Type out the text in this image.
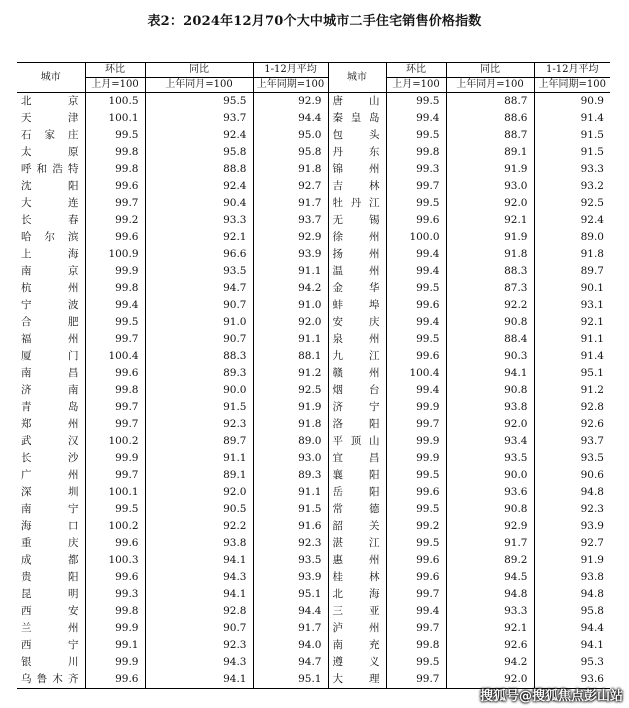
表2：2024年12月70个大中城市二手住宅销售价格指数
城市	环比	同比	1-12月平均	城市	环比	同比	1-12月平均
	上月=100	上年同月=100	上年同期=100		上月=100	上年同月=100	上年同期=100
北　京	100.5	95.5	92.9	唐　山	99.5	88.7	90.9
天　津	100.1	93.7	94.4	秦皇岛	99.4	88.6	91.4
石家庄	99.5	92.4	95.0	包　头	99.5	88.7	91.5
太　原	99.8	95.8	95.8	丹　东	99.8	89.1	91.5
呼和浩特	99.8	88.8	91.8	锦　州	99.3	91.9	93.3
沈　阳	99.6	92.4	92.7	吉　林	99.7	93.0	93.2
大　连	99.7	90.4	91.7	牡丹江	99.5	92.0	92.5
长　春	99.2	93.3	93.7	无　锡	99.6	92.1	92.4
哈尔滨	99.6	92.1	92.9	徐　州	100.0	91.9	89.0
上　海	100.9	96.6	93.9	扬　州	99.4	91.8	91.8
南　京	99.9	93.5	91.1	温　州	99.4	88.3	89.7
杭　州	99.8	94.7	94.2	金　华	99.5	87.3	90.1
宁　波	99.4	90.7	91.0	蚌　埠	99.6	92.2	93.1
合　肥	99.5	91.0	92.0	安　庆	99.4	90.8	92.1
福　州	99.7	90.7	91.1	泉　州	99.5	88.4	91.1
厦　门	100.4	88.3	88.1	九　江	99.6	90.3	91.4
南　昌	99.6	89.3	91.2	赣　州	100.4	94.1	95.1
济　南	99.8	90.0	92.5	烟　台	99.4	90.8	91.2
青　岛	99.7	91.5	91.9	济　宁	99.9	93.8	92.8
郑　州	99.7	92.3	91.8	洛　阳	99.7	92.0	92.6
武　汉	100.2	89.7	89.0	平顶山	99.9	93.4	93.7
长　沙	99.9	91.1	93.0	宜　昌	99.9	93.5	93.5
广　州	99.7	89.1	89.3	襄　阳	99.5	90.0	90.6
深　圳	100.1	92.0	91.1	岳　阳	99.6	93.6	94.8
南　宁	99.5	90.5	91.5	常　德	99.5	90.8	92.3
海　口	100.2	92.2	91.6	韶　关	99.2	92.9	93.9
重　庆	99.6	93.8	92.3	湛　江	99.5	91.7	92.7
成　都	100.3	94.1	93.5	惠　州	99.6	89.2	91.9
贵　阳	99.6	94.3	93.9	桂　林	99.6	94.5	93.8
昆　明	99.3	94.1	95.1	北　海	99.7	94.8	94.8
西　安	99.8	92.8	94.4	三　亚	99.4	93.3	95.8
兰　州	99.9	90.7	91.7	泸　州	99.7	92.1	94.4
西　宁	99.1	92.3	94.0	南　充	99.8	92.6	94.1
银　川	99.9	94.3	94.7	遵　义	99.5	94.2	95.3
乌鲁木齐	99.6	94.1	95.1	大　理	99.7	92.0	93.6
搜狐号@搜狐焦点彭山站
